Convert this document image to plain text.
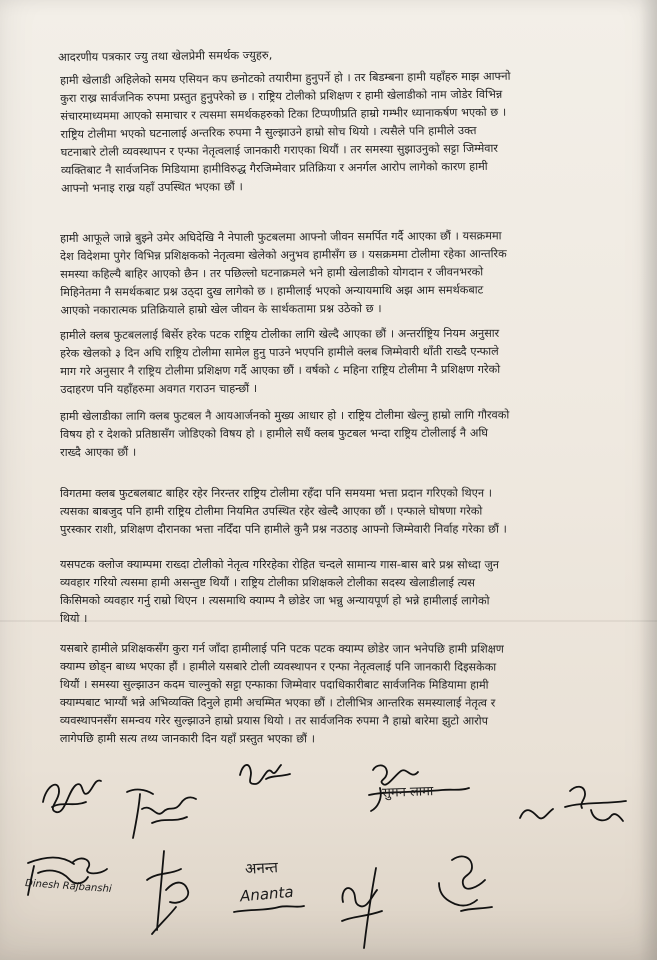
आदरणीय पत्रकार ज्यु तथा खेलप्रेमी समर्थक ज्युहरु,
हामी खेलाडी अहिलेको समय एसियन कप छनोटको तयारीमा हुनुपर्ने हो । तर बिडम्बना हामी यहाँहरु माझ आफ्नो
कुरा राख्र सार्वजनिक रुपमा प्रस्तुत हुनुपरेको छ । राष्ट्रिय टोलीको प्रशिक्षण र हामी खेलाडीको नाम जोडेर विभिन्न
संचारमाध्यममा आएको समाचार र त्यसमा समर्थकहरुको टिका टिप्पणीप्रति हाम्रो गम्भीर ध्यानाकर्षण भएको छ ।
राष्ट्रिय टोलीमा भएको घटनालाई अन्तरिक रुपमा नै सुल्झाउने हाम्रो सोच थियो । त्यसैले पनि हामीले उक्त
घटनाबारे टोली व्यवस्थापन र एन्फा नेतृत्वलाई जानकारी गराएका थियौं । तर समस्या सुझाउनुको सट्टा जिम्मेवार
व्यक्तिबाट नै सार्वजनिक मिडियामा हामीविरुद्ध गैरजिम्मेवार प्रतिक्रिया र अनर्गल आरोप लागेको कारण हामी
आफ्नो भनाइ राख्र यहाँ उपस्थित भएका छौं ।
हामी आफूले जान्ने बुझ्ने उमेर अघिदेखि नै नेपाली फुटबलमा आफ्नो जीवन समर्पित गर्दै आएका छौं । यसक्रममा
देश विदेशमा पुगेर विभिन्न प्रशिक्षकको नेतृत्वमा खेलेको अनुभव हामीसँग छ । यसक्रममा टोलीमा रहेका आन्तरिक
समस्या कहिल्यै बाहिर आएको छैन । तर पछिल्लो घटनाक्रमले भने हामी खेलाडीको योगदान र जीवनभरको
मिहिनेतमा नै समर्थकबाट प्रश्न उठ्दा दुख लागेको छ । हामीलाई भएको अन्यायमाथि अझ आम समर्थकबाट
आएको नकारात्मक प्रतिक्रियाले हाम्रो खेल जीवन के सार्थकतामा प्रश्न उठेको छ ।
हामीले क्लब फुटबललाई बिर्सेर हरेक पटक राष्ट्रिय टोलीका लागि खेल्दै आएका छौं । अन्तर्राष्ट्रिय नियम अनुसार
हरेक खेलको ३ दिन अघि राष्ट्रिय टोलीमा सामेल हुनु पाउने भएपनि हामीले क्लब जिम्मेवारी थाँती राख्दै एन्फाले
माग गरे अनुसार नै राष्ट्रिय टोलीमा प्रशिक्षण गर्दै आएका छौं । वर्षको ८ महिना राष्ट्रिय टोलीमा नै प्रशिक्षण गरेको
उदाहरण पनि यहाँहरुमा अवगत गराउन चाहन्छौं ।
हामी खेलाडीका लागि क्लब फुटबल नै आयआर्जनको मुख्य आधार हो । राष्ट्रिय टोलीमा खेल्नु हाम्रो लागि गौरवको
विषय हो र देशको प्रतिष्ठासँग जोडिएको विषय हो । हामीले सधैं क्लब फुटबल भन्दा राष्ट्रिय टोलीलाई नै अघि
राख्दै आएका छौं ।
विगतमा क्लब फुटबलबाट बाहिर रहेर निरन्तर राष्ट्रिय टोलीमा रहँदा पनि समयमा भत्ता प्रदान गरिएको थिएन ।
त्यसका बाबजुद पनि हामी राष्ट्रिय टोलीमा नियमित उपस्थित रहेर खेल्दै आएका छौं । एन्फाले घोषणा गरेको
पुरस्कार राशी, प्रशिक्षण दौरानका भत्ता नदिँदा पनि हामीले कुनै प्रश्न नउठाइ आफ्नो जिम्मेवारी निर्वाह गरेका छौं ।
यसपटक क्लोज क्याम्पमा राख्दा टोलीको नेतृत्व गरिरहेका रोहित चन्दले सामान्य गास-बास बारे प्रश्न सोध्दा जुन
व्यवहार गरियो त्यसमा हामी असन्तुष्ट थियौं । राष्ट्रिय टोलीका प्रशिक्षकले टोलीका सदस्य खेलाडीलाई त्यस
किसिमको व्यवहार गर्नु राम्रो थिएन । त्यसमाथि क्याम्प नै छोडेर जा भन्नु अन्यायपूर्ण हो भन्ने हामीलाई लागेको
थियो ।
यसबारे हामीले प्रशिक्षकसँग कुरा गर्न जाँदा हामीलाई पनि पटक पटक क्याम्प छोडेर जान भनेपछि हामी प्रशिक्षण
क्याम्प छोड्न बाध्य भएका हौं । हामीले यसबारे टोली व्यवस्थापन र एन्फा नेतृत्वलाई पनि जानकारी दिइसकेका
थियौं । समस्या सुल्झाउन कदम चाल्नुको सट्टा एन्फाका जिम्मेवार पदाधिकारीबाट सार्वजनिक मिडियामा हामी
क्याम्पबाट भाग्यौं भन्ने अभिव्यक्ति दिनुले हामी अचम्मित भएका छौं । टोलीभित्र आन्तरिक समस्यालाई नेतृत्व र
व्यवस्थापनसँग समन्वय गरेर सुल्झाउने हाम्रो प्रयास थियो । तर सार्वजनिक रुपमा नै हाम्रो बारेमा झुटो आरोप
लागेपछि हामी सत्य तथ्य जानकारी दिन यहाँ प्रस्तुत भएका छौं ।
सुमन लामा
Dinesh Rajbanshi
अनन्त
Ananta
